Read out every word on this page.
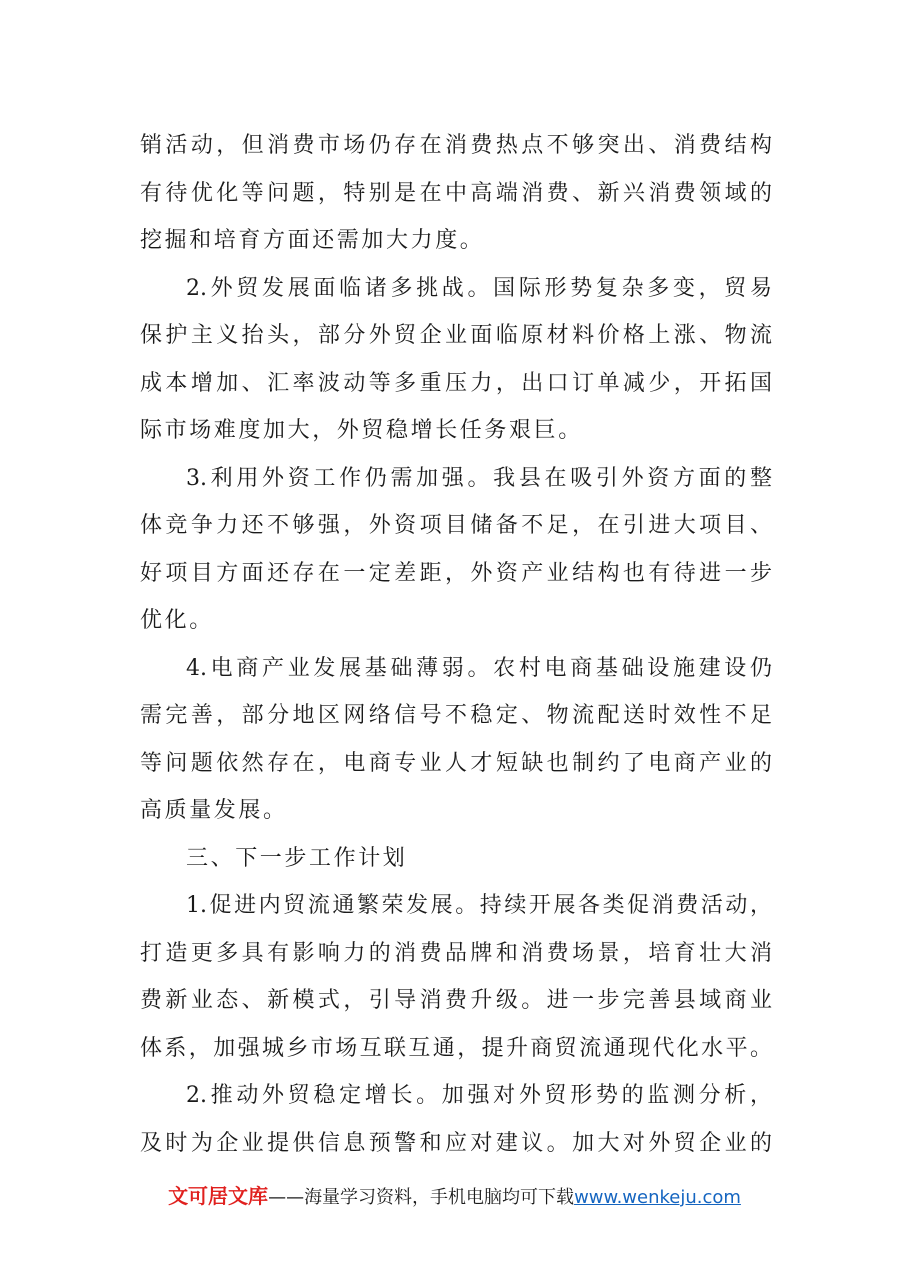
销活动，但消费市场仍存在消费热点不够突出、消费结构
有待优化等问题，特别是在中高端消费、新兴消费领域的
挖掘和培育方面还需加大力度。
2.外贸发展面临诸多挑战。国际形势复杂多变，贸易
保护主义抬头，部分外贸企业面临原材料价格上涨、物流
成本增加、汇率波动等多重压力，出口订单减少，开拓国
际市场难度加大，外贸稳增长任务艰巨。
3.利用外资工作仍需加强。我县在吸引外资方面的整
体竞争力还不够强，外资项目储备不足，在引进大项目、
好项目方面还存在一定差距，外资产业结构也有待进一步
优化。
4.电商产业发展基础薄弱。农村电商基础设施建设仍
需完善，部分地区网络信号不稳定、物流配送时效性不足
等问题依然存在，电商专业人才短缺也制约了电商产业的
高质量发展。
三、下一步工作计划
1.促进内贸流通繁荣发展。持续开展各类促消费活动，
打造更多具有影响力的消费品牌和消费场景，培育壮大消
费新业态、新模式，引导消费升级。进一步完善县域商业
体系，加强城乡市场互联互通，提升商贸流通现代化水平。
2.推动外贸稳定增长。加强对外贸形势的监测分析，
及时为企业提供信息预警和应对建议。加大对外贸企业的
文可居文库——海量学习资料，手机电脑均可下载www.wenkeju.com
